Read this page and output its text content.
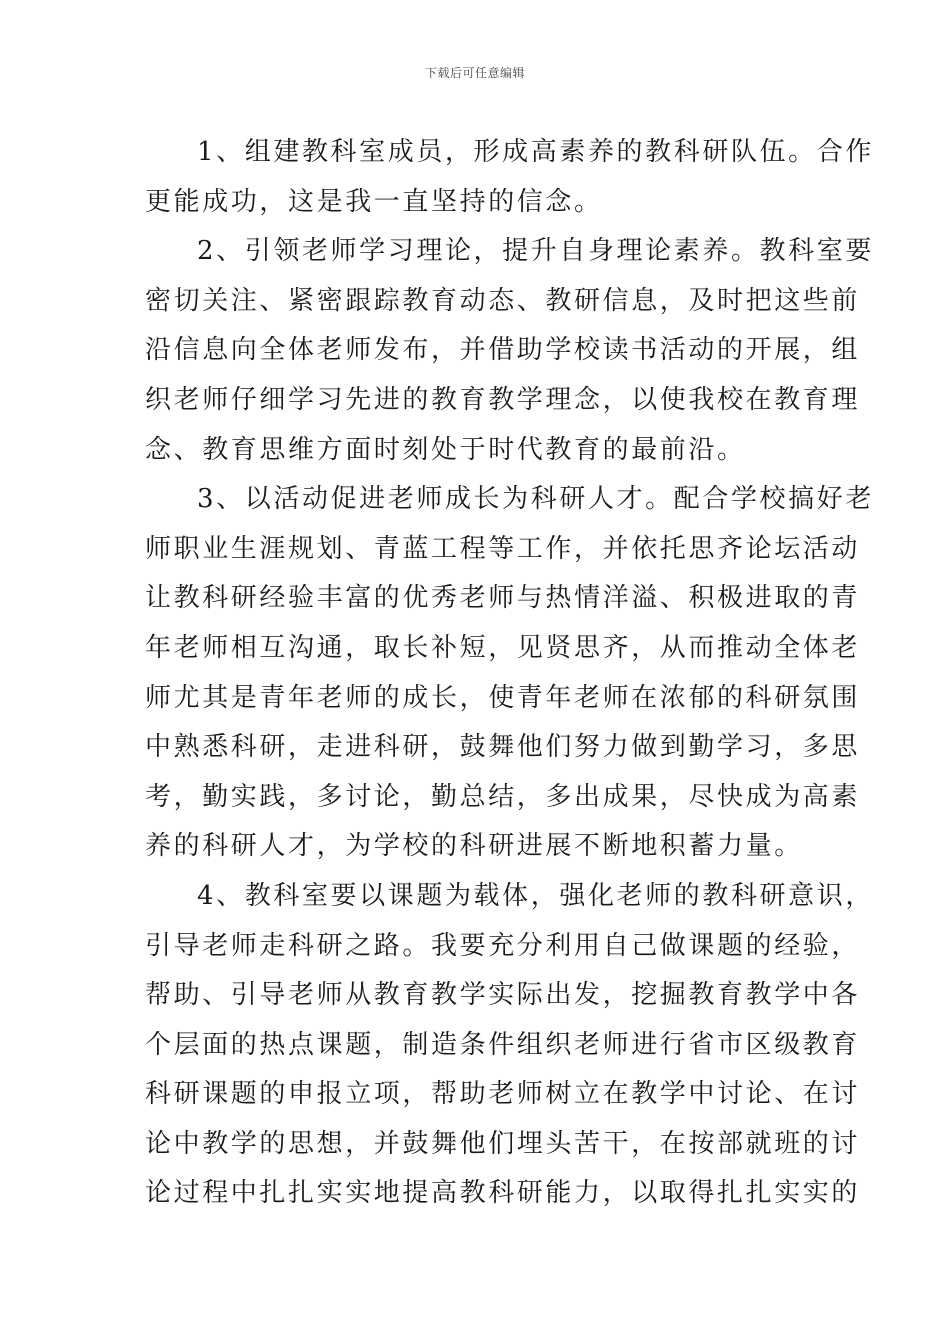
下载后可任意编辑
1、组建教科室成员，形成高素养的教科研队伍。合作
更能成功，这是我一直坚持的信念。
2、引领老师学习理论，提升自身理论素养。教科室要
密切关注、紧密跟踪教育动态、教研信息，及时把这些前
沿信息向全体老师发布，并借助学校读书活动的开展，组
织老师仔细学习先进的教育教学理念，以使我校在教育理
念、教育思维方面时刻处于时代教育的最前沿。
3、以活动促进老师成长为科研人才。配合学校搞好老
师职业生涯规划、青蓝工程等工作，并依托思齐论坛活动
让教科研经验丰富的优秀老师与热情洋溢、积极进取的青
年老师相互沟通，取长补短，见贤思齐，从而推动全体老
师尤其是青年老师的成长，使青年老师在浓郁的科研氛围
中熟悉科研，走进科研，鼓舞他们努力做到勤学习，多思
考，勤实践，多讨论，勤总结，多出成果，尽快成为高素
养的科研人才，为学校的科研进展不断地积蓄力量。
4、教科室要以课题为载体，强化老师的教科研意识，
引导老师走科研之路。我要充分利用自己做课题的经验，
帮助、引导老师从教育教学实际出发，挖掘教育教学中各
个层面的热点课题，制造条件组织老师进行省市区级教育
科研课题的申报立项，帮助老师树立在教学中讨论、在讨
论中教学的思想，并鼓舞他们埋头苦干，在按部就班的讨
论过程中扎扎实实地提高教科研能力，以取得扎扎实实的
